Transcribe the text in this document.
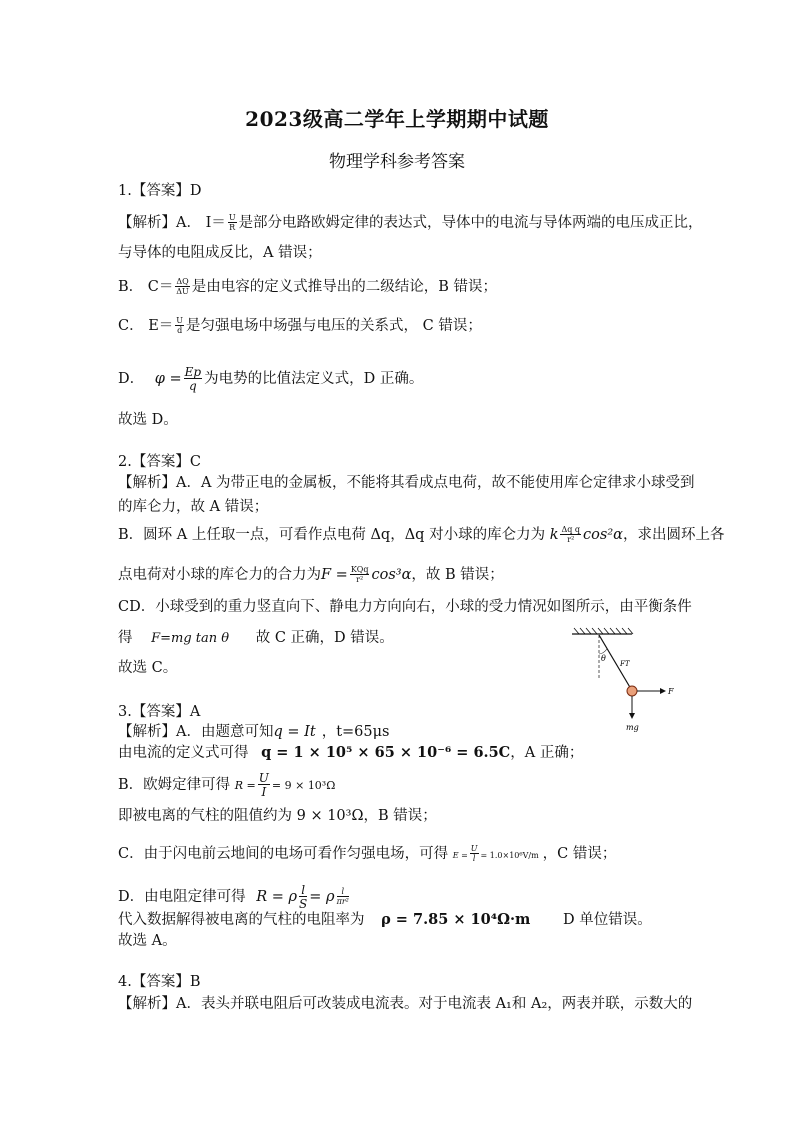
2023级高二学年上学期期中试题
物理学科参考答案
1.【答案】D
【解析】A． $I= \frac{U}{R}$ 是部分电路欧姆定律的表达式，导体中的电流与导体两端的电压成正比，
与导体的电阻成反比，A 错误；
B． $C= \frac{\Delta Q}{\Delta U}$ 是由电容的定义式推导出的二级结论，B 错误；
C． $E= \frac{U}{d}$ 是匀强电场中场强与电压的关系式， C 错误；
D． $\varphi = \frac{Ep}{q}$ 为电势的比值法定义式，D 正确。
故选 D。
2.【答案】C
【解析】A．A 为带正电的金属板，不能将其看成点电荷，故不能使用库仑定律求小球受到
的库仑力，故 A 错误；
B．圆环 A 上任取一点，可看作点电荷 Δq，Δq 对小球的库仑力为 k $\frac{\text{Δq q}}{\text{r²}} \cos^2\alpha$，求出圆环上各
点电荷对小球的库仑力的合力为$F = \frac{\text{KQq}}{\text{r²}} \cos^3\alpha$，故 B 错误；
CD．小球受到的重力竖直向下、静电力方向向右，小球的受力情况如图所示，由平衡条件
得 F=mg tan θ 故 C 正确，D 错误。
故选 C。
θ
FT
F
mg
3.【答案】A
【解析】A．由题意可知q = It ，t=65μs
由电流的定义式可得 q = 1 × 10⁵ × 65 × 10⁻⁶ = 6.5C，A 正确；
B．欧姆定律可得 $R = \frac{U}{I} = 9 \times 10^3\Omega$
即被电离的气柱的阻值约为 9 × 10³Ω，B 错误；
C．由于闪电前云地间的电场可看作匀强电场，可得 $E = \frac{U}{l} = 1.0\times 10^6V/m$ ，C 错误；
D．由电阻定律可得 R = ρ $\frac{l}{S} = \rho \frac{l}{\text{πr²}}$
代入数据解得被电离的气柱的电阻率为 ρ = 7.85 × 10⁴Ω·m D 单位错误。
故选 A。
4.【答案】B
【解析】A．表头并联电阻后可改装成电流表。对于电流表 A₁和 A₂，两表并联，示数大的
